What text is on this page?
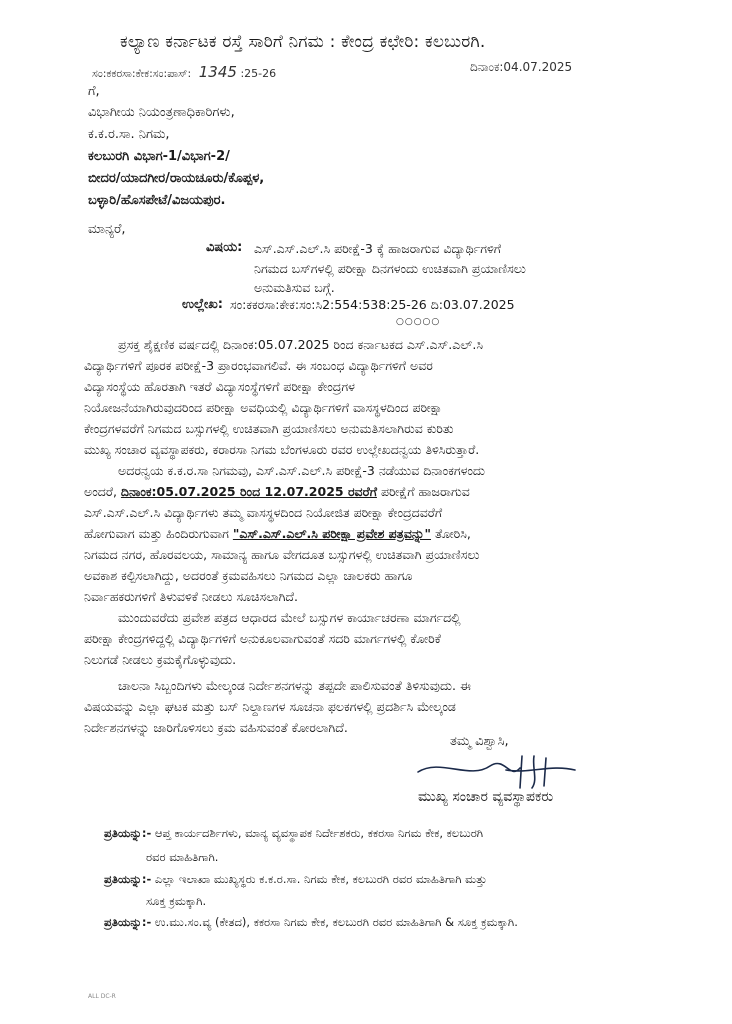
ಕಲ್ಯಾಣ ಕರ್ನಾಟಕ ರಸ್ತೆ ಸಾರಿಗೆ ನಿಗಮ : ಕೇಂದ್ರ ಕಛೇರಿ: ಕಲಬುರಗಿ.
ಸಂ:ಕಕರಸಾ:ಕೇಕ:ಸಂ:ಪಾಸ್: 1345 :25-26	ದಿನಾಂಕ:04.07.2025
ಗೆ,
ವಿಭಾಗೀಯ ನಿಯಂತ್ರಣಾಧಿಕಾರಿಗಳು,
ಕ.ಕ.ರ.ಸಾ. ನಿಗಮ,
ಕಲಬುರಗಿ ವಿಭಾಗ-1/ವಿಭಾಗ-2/
ಬೀದರ/ಯಾದಗೀರ/ರಾಯಚೂರು/ಕೊಪ್ಪಳ,
ಬಳ್ಳಾರಿ/ಹೊಸಪೇಟೆ/ವಿಜಯಪುರ.
ಮಾನ್ಯರೆ,
ವಿಷಯ: ಎಸ್.ಎಸ್.ಎಲ್.ಸಿ ಪರೀಕ್ಷೆ-3 ಕ್ಕೆ ಹಾಜರಾಗುವ ವಿದ್ಯಾರ್ಥಿಗಳಿಗೆ
ನಿಗಮದ ಬಸ್‌ಗಳಲ್ಲಿ ಪರೀಕ್ಷಾ ದಿನಗಳಂದು ಉಚಿತವಾಗಿ ಪ್ರಯಾಣಿಸಲು
ಅನುಮತಿಸುವ ಬಗ್ಗೆ.
ಉಲ್ಲೇಖ: ಸಂ:ಕಕರಸಾ:ಕೇಕ:ಸಂ:ಸಿ2:554:538:25-26 ದಿ:03.07.2025
○○○○○
ಪ್ರಸಕ್ತ ಶೈಕ್ಷಣಿಕ ವರ್ಷದಲ್ಲಿ ದಿನಾಂಕ:05.07.2025 ರಿಂದ ಕರ್ನಾಟಕದ ಎಸ್.ಎಸ್.ಎಲ್.ಸಿ
ವಿದ್ಯಾರ್ಥಿಗಳಿಗೆ ಪೂರಕ ಪರೀಕ್ಷೆ-3 ಪ್ರಾರಂಭವಾಗಲಿವೆ. ಈ ಸಂಬಂಧ ವಿದ್ಯಾರ್ಥಿಗಳಿಗೆ ಅವರ
ವಿದ್ಯಾಸಂಸ್ಥೆಯ ಹೊರತಾಗಿ ಇತರೆ ವಿದ್ಯಾಸಂಸ್ಥೆಗಳಿಗೆ ಪರೀಕ್ಷಾ ಕೇಂದ್ರಗಳ
ನಿಯೋಜನೆಯಾಗಿರುವುದರಿಂದ ಪರೀಕ್ಷಾ ಅವಧಿಯಲ್ಲಿ ವಿದ್ಯಾರ್ಥಿಗಳಿಗೆ ವಾಸಸ್ಥಳದಿಂದ ಪರೀಕ್ಷಾ
ಕೇಂದ್ರಗಳವರೆಗೆ ನಿಗಮದ ಬಸ್ಸುಗಳಲ್ಲಿ ಉಚಿತವಾಗಿ ಪ್ರಯಾಣಿಸಲು ಅನುಮತಿಸಲಾಗಿರುವ ಕುರಿತು
ಮುಖ್ಯ ಸಂಚಾರ ವ್ಯವಸ್ಥಾಪಕರು, ಕರಾರಸಾ ನಿಗಮ ಬೆಂಗಳೂರು ರವರ ಉಲ್ಲೇಖದನ್ವಯ ತಿಳಿಸಿರುತ್ತಾರೆ.
ಅದರನ್ವಯ ಕ.ಕ.ರ.ಸಾ ನಿಗಮವು, ಎಸ್.ಎಸ್.ಎಲ್.ಸಿ ಪರೀಕ್ಷೆ-3 ನಡೆಯುವ ದಿನಾಂಕಗಳಂದು
ಅಂದರೆ, ದಿನಾಂಕ:05.07.2025 ರಿಂದ 12.07.2025 ರವರೆಗೆ ಪರೀಕ್ಷೆಗೆ ಹಾಜರಾಗುವ
ಎಸ್.ಎಸ್.ಎಲ್.ಸಿ ವಿದ್ಯಾರ್ಥಿಗಳು ತಮ್ಮ ವಾಸಸ್ಥಳದಿಂದ ನಿಯೋಜಿತ ಪರೀಕ್ಷಾ ಕೇಂದ್ರದವರೆಗೆ
ಹೋಗುವಾಗ ಮತ್ತು ಹಿಂದಿರುಗುವಾಗ "ಎಸ್.ಎಸ್.ಎಲ್.ಸಿ ಪರೀಕ್ಷಾ ಪ್ರವೇಶ ಪತ್ರವನ್ನು" ತೋರಿಸಿ,
ನಿಗಮದ ನಗರ, ಹೊರವಲಯ, ಸಾಮಾನ್ಯ ಹಾಗೂ ವೇಗದೂತ ಬಸ್ಸುಗಳಲ್ಲಿ ಉಚಿತವಾಗಿ ಪ್ರಯಾಣಿಸಲು
ಅವಕಾಶ ಕಲ್ಪಿಸಲಾಗಿದ್ದು, ಅದರಂತೆ ಕ್ರಮವಹಿಸಲು ನಿಗಮದ ಎಲ್ಲಾ ಚಾಲಕರು ಹಾಗೂ
ನಿರ್ವಾಹಕರುಗಳಿಗೆ ತಿಳುವಳಿಕೆ ನೀಡಲು ಸೂಚಿಸಲಾಗಿದೆ.
ಮುಂದುವರೆದು ಪ್ರವೇಶ ಪತ್ರದ ಆಧಾರದ ಮೇಲೆ ಬಸ್ಸುಗಳ ಕಾರ್ಯಾಚರಣಾ ಮಾರ್ಗದಲ್ಲಿ
ಪರೀಕ್ಷಾ ಕೇಂದ್ರಗಳಿದ್ದಲ್ಲಿ ವಿದ್ಯಾರ್ಥಿಗಳಿಗೆ ಅನುಕೂಲವಾಗುವಂತೆ ಸದರಿ ಮಾರ್ಗಗಳಲ್ಲಿ ಕೋರಿಕೆ
ನಿಲುಗಡೆ ನೀಡಲು ಕ್ರಮಕೈಗೊಳ್ಳುವುದು.
ಚಾಲನಾ ಸಿಬ್ಬಂದಿಗಳು ಮೇಲ್ಕಂಡ ನಿರ್ದೇಶನಗಳನ್ನು ತಪ್ಪದೇ ಪಾಲಿಸುವಂತೆ ತಿಳಿಸುವುದು. ಈ
ವಿಷಯವನ್ನು ಎಲ್ಲಾ ಘಟಕ ಮತ್ತು ಬಸ್ ನಿಲ್ದಾಣಗಳ ಸೂಚನಾ ಫಲಕಗಳಲ್ಲಿ ಪ್ರದರ್ಶಿಸಿ ಮೇಲ್ಕಂಡ
ನಿರ್ದೇಶನಗಳನ್ನು ಜಾರಿಗೊಳಿಸಲು ಕ್ರಮ ವಹಿಸುವಂತೆ ಕೋರಲಾಗಿದೆ.
ತಮ್ಮ ವಿಶ್ವಾಸಿ,
ಮುಖ್ಯ ಸಂಚಾರ ವ್ಯವಸ್ಥಾಪಕರು
ಪ್ರತಿಯನ್ನು:- ಆಪ್ತ ಕಾರ್ಯದರ್ಶಿಗಳು, ಮಾನ್ಯ ವ್ಯವಸ್ಥಾಪಕ ನಿರ್ದೇಶಕರು, ಕಕರಸಾ ನಿಗಮ ಕೇಕ, ಕಲಬುರಗಿ
ರವರ ಮಾಹಿತಿಗಾಗಿ.
ಪ್ರತಿಯನ್ನು:- ಎಲ್ಲಾ ಇಲಾಖಾ ಮುಖ್ಯಸ್ಥರು ಕ.ಕ.ರ.ಸಾ. ನಿಗಮ ಕೇಕ, ಕಲಬುರಗಿ ರವರ ಮಾಹಿತಿಗಾಗಿ ಮತ್ತು
ಸೂಕ್ತ ಕ್ರಮಕ್ಕಾಗಿ.
ಪ್ರತಿಯನ್ನು:- ಉ.ಮು.ಸಂ.ವ್ಯ (ಕೇತದ), ಕಕರಸಾ ನಿಗಮ ಕೇಕ, ಕಲಬುರಗಿ ರವರ ಮಾಹಿತಿಗಾಗಿ & ಸೂಕ್ತ ಕ್ರಮಕ್ಕಾಗಿ.
ALL DC-R
